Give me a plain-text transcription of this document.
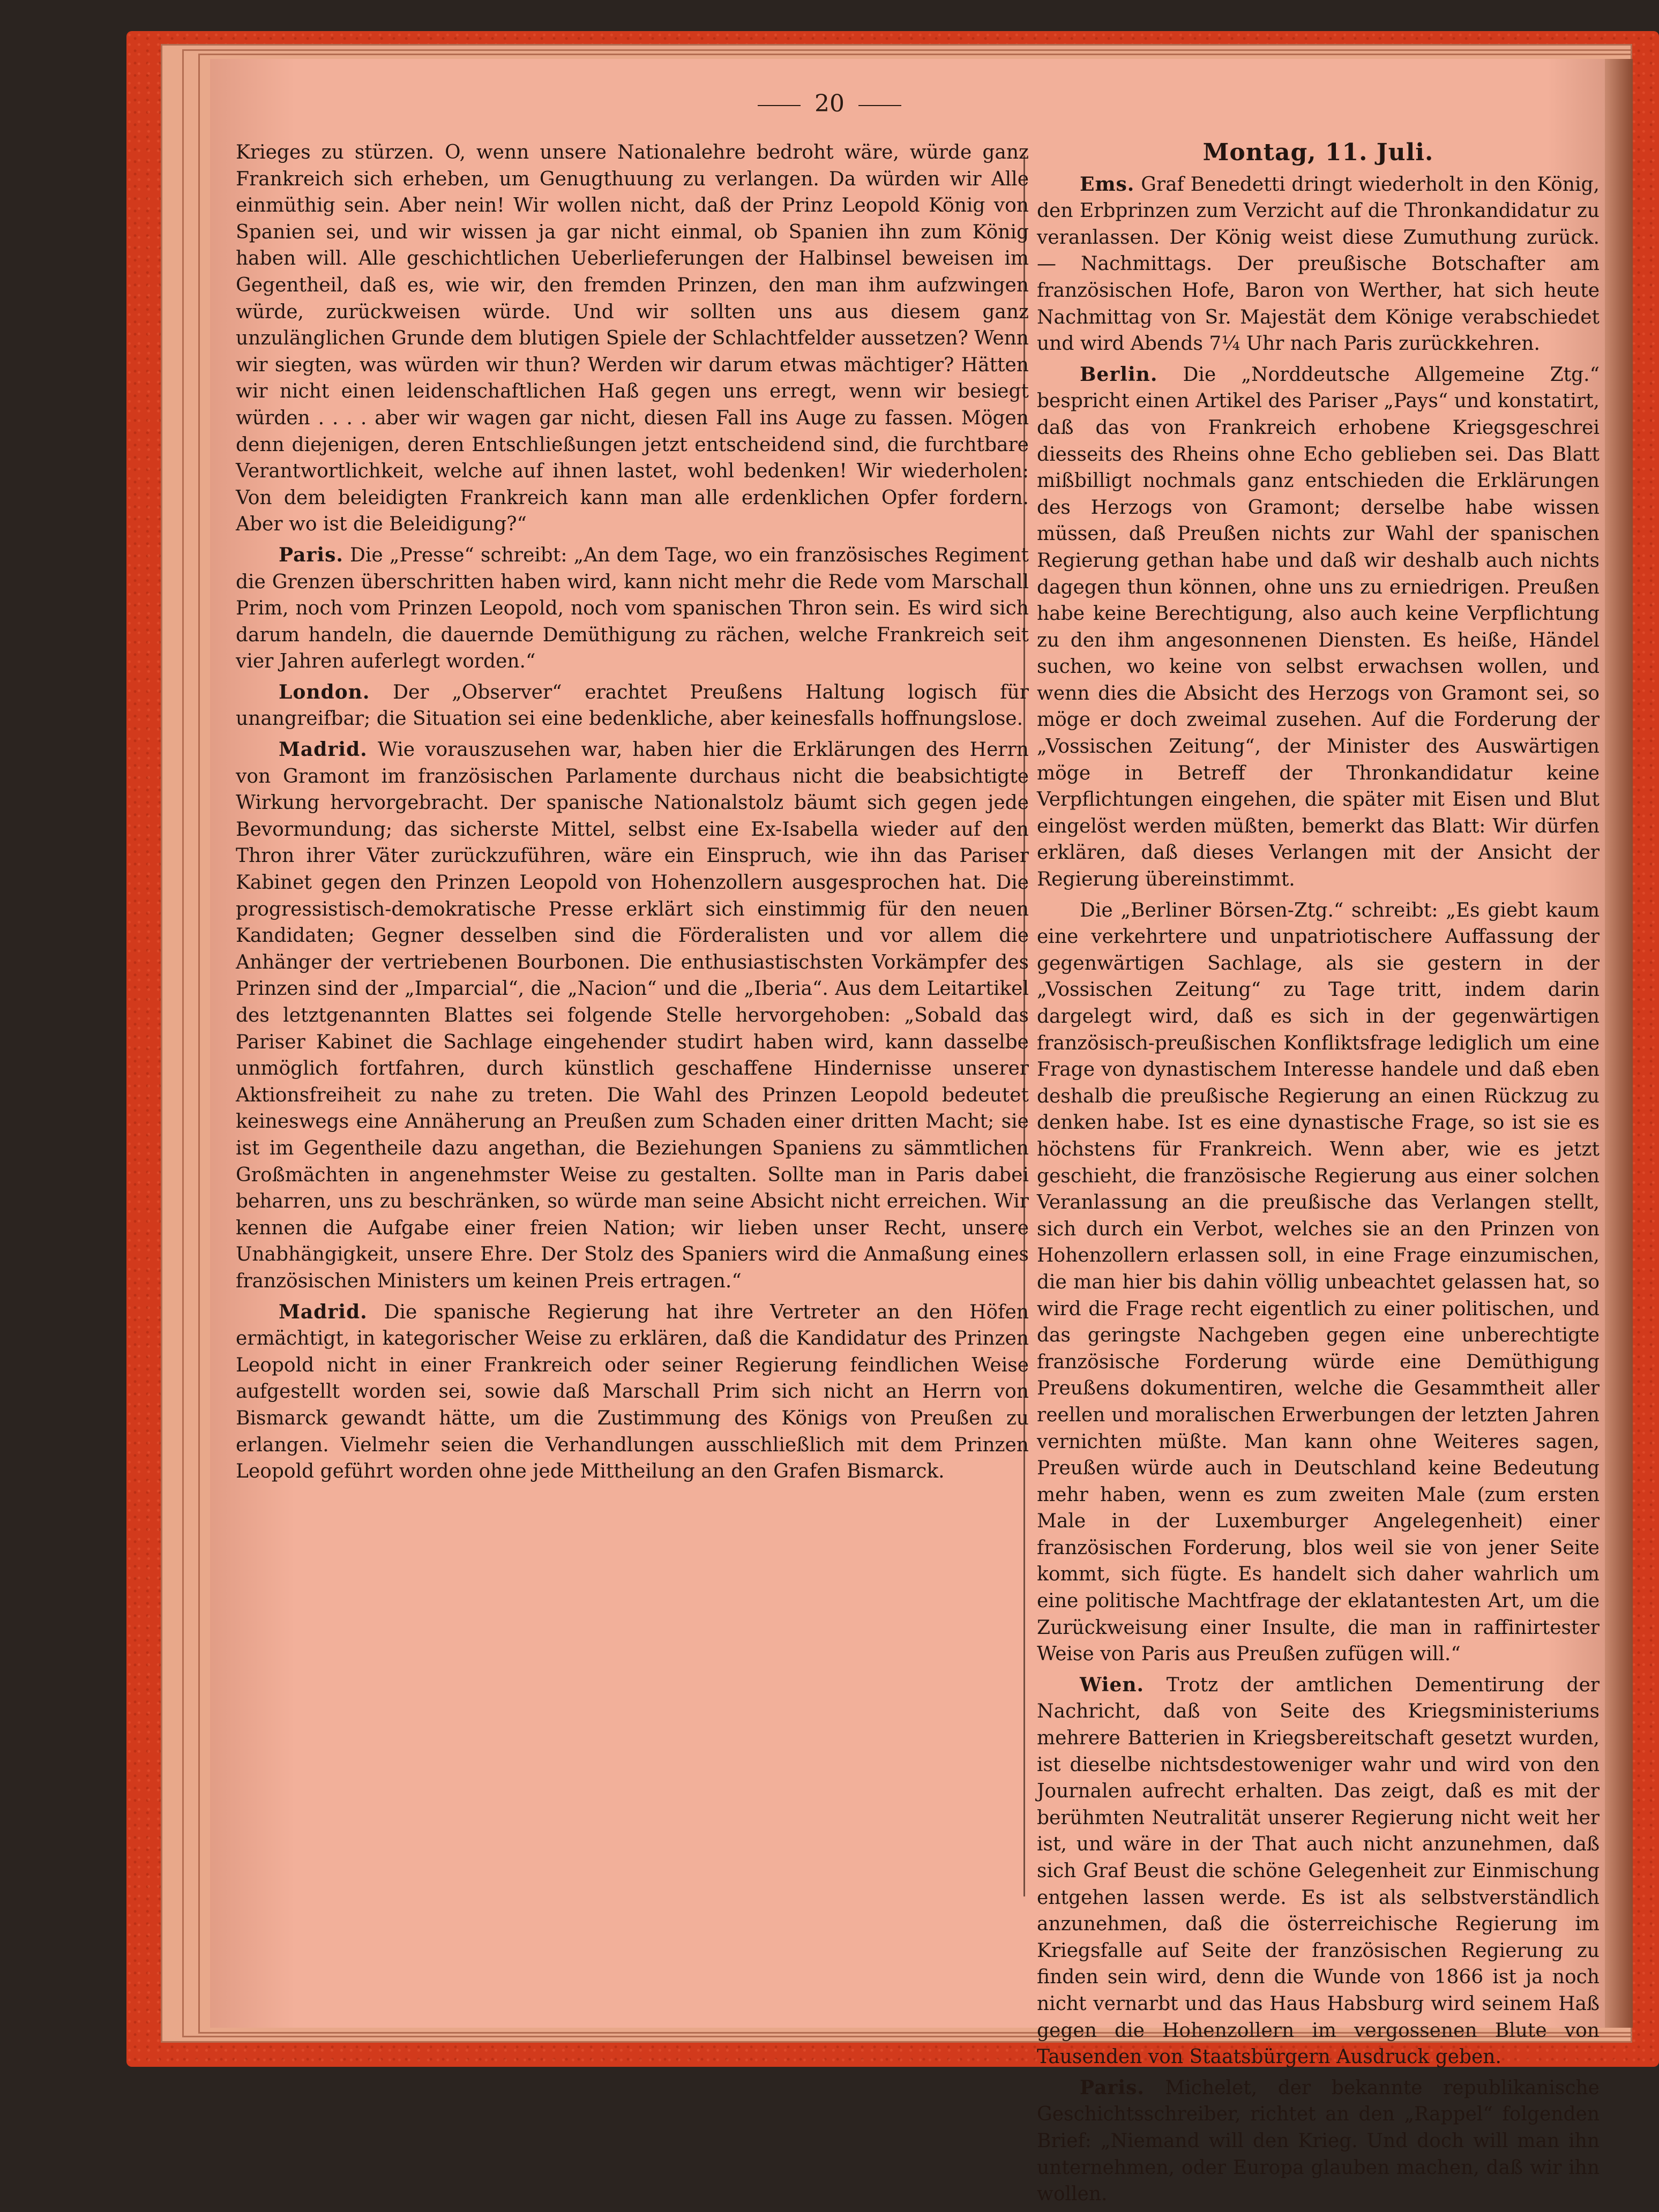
20

Krieges zu stürzen. O, wenn unsere Nationalehre bedroht wäre, würde ganz Frankreich sich erheben, um Genugthuung zu verlangen. Da würden wir Alle einmüthig sein. Aber nein! Wir wollen nicht, daß der Prinz Leopold König von Spanien sei, und wir wissen ja gar nicht einmal, ob Spanien ihn zum König haben will. Alle geschichtlichen Ueberlieferungen der Halbinsel beweisen im Gegentheil, daß es, wie wir, den fremden Prinzen, den man ihm aufzwingen würde, zurückweisen würde. Und wir sollten uns aus diesem ganz unzulänglichen Grunde dem blutigen Spiele der Schlachtfelder aussetzen? Wenn wir siegten, was würden wir thun? Werden wir darum etwas mächtiger? Hätten wir nicht einen leidenschaftlichen Haß gegen uns erregt, wenn wir besiegt würden . . . . aber wir wagen gar nicht, diesen Fall ins Auge zu fassen. Mögen denn diejenigen, deren Entschließungen jetzt entscheidend sind, die furchtbare Verantwortlichkeit, welche auf ihnen lastet, wohl bedenken! Wir wiederholen: Von dem beleidigten Frankreich kann man alle erdenklichen Opfer fordern. Aber wo ist die Beleidigung?“

Paris. Die „Presse“ schreibt: „An dem Tage, wo ein französisches Regiment die Grenzen überschritten haben wird, kann nicht mehr die Rede vom Marschall Prim, noch vom Prinzen Leopold, noch vom spanischen Thron sein. Es wird sich darum handeln, die dauernde Demüthigung zu rächen, welche Frankreich seit vier Jahren auferlegt worden.“

London. Der „Observer“ erachtet Preußens Haltung logisch für unangreifbar; die Situation sei eine bedenkliche, aber keinesfalls hoffnungslose.

Madrid. Wie vorauszusehen war, haben hier die Erklärungen des Herrn von Gramont im französischen Parlamente durchaus nicht die beabsichtigte Wirkung hervorgebracht. Der spanische Nationalstolz bäumt sich gegen jede Bevormundung; das sicherste Mittel, selbst eine Ex-Isabella wieder auf den Thron ihrer Väter zurückzuführen, wäre ein Einspruch, wie ihn das Pariser Kabinet gegen den Prinzen Leopold von Hohenzollern ausgesprochen hat. Die progressistisch-demokratische Presse erklärt sich einstimmig für den neuen Kandidaten; Gegner desselben sind die Förderalisten und vor allem die Anhänger der vertriebenen Bourbonen. Die enthusiastischsten Vorkämpfer des Prinzen sind der „Imparcial“, die „Nacion“ und die „Iberia“. Aus dem Leitartikel des letztgenannten Blattes sei folgende Stelle hervorgehoben: „Sobald das Pariser Kabinet die Sachlage eingehender studirt haben wird, kann dasselbe unmöglich fortfahren, durch künstlich geschaffene Hindernisse unserer Aktionsfreiheit zu nahe zu treten. Die Wahl des Prinzen Leopold bedeutet keineswegs eine Annäherung an Preußen zum Schaden einer dritten Macht; sie ist im Gegentheile dazu angethan, die Beziehungen Spaniens zu sämmtlichen Großmächten in angenehmster Weise zu gestalten. Sollte man in Paris dabei beharren, uns zu beschränken, so würde man seine Absicht nicht erreichen. Wir kennen die Aufgabe einer freien Nation; wir lieben unser Recht, unsere Unabhängigkeit, unsere Ehre. Der Stolz des Spaniers wird die Anmaßung eines französischen Ministers um keinen Preis ertragen.“

Madrid. Die spanische Regierung hat ihre Vertreter an den Höfen ermächtigt, in kategorischer Weise zu erklären, daß die Kandidatur des Prinzen Leopold nicht in einer Frankreich oder seiner Regierung feindlichen Weise aufgestellt worden sei, sowie daß Marschall Prim sich nicht an Herrn von Bismarck gewandt hätte, um die Zustimmung des Königs von Preußen zu erlangen. Vielmehr seien die Verhandlungen ausschließlich mit dem Prinzen Leopold geführt worden ohne jede Mittheilung an den Grafen Bismarck.

Montag, 11. Juli.

Ems. Graf Benedetti dringt wiederholt in den König, den Erbprinzen zum Verzicht auf die Thronkandidatur zu veranlassen. Der König weist diese Zumuthung zurück. — Nachmittags. Der preußische Botschafter am französischen Hofe, Baron von Werther, hat sich heute Nachmittag von Sr. Majestät dem Könige verabschiedet und wird Abends 7¼ Uhr nach Paris zurückkehren.

Berlin. Die „Norddeutsche Allgemeine Ztg.“ bespricht einen Artikel des Pariser „Pays“ und konstatirt, daß das von Frankreich erhobene Kriegsgeschrei diesseits des Rheins ohne Echo geblieben sei. Das Blatt mißbilligt nochmals ganz entschieden die Erklärungen des Herzogs von Gramont; derselbe habe wissen müssen, daß Preußen nichts zur Wahl der spanischen Regierung gethan habe und daß wir deshalb auch nichts dagegen thun können, ohne uns zu erniedrigen. Preußen habe keine Berechtigung, also auch keine Verpflichtung zu den ihm angesonnenen Diensten. Es heiße, Händel suchen, wo keine von selbst erwachsen wollen, und wenn dies die Absicht des Herzogs von Gramont sei, so möge er doch zweimal zusehen. Auf die Forderung der „Vossischen Zeitung“, der Minister des Auswärtigen möge in Betreff der Thronkandidatur keine Verpflichtungen eingehen, die später mit Eisen und Blut eingelöst werden müßten, bemerkt das Blatt: Wir dürfen erklären, daß dieses Verlangen mit der Ansicht der Regierung übereinstimmt.

Die „Berliner Börsen-Ztg.“ schreibt: „Es giebt kaum eine verkehrtere und unpatriotischere Auffassung der gegenwärtigen Sachlage, als sie gestern in der „Vossischen Zeitung“ zu Tage tritt, indem darin dargelegt wird, daß es sich in der gegenwärtigen französisch-preußischen Konfliktsfrage lediglich um eine Frage von dynastischem Interesse handele und daß eben deshalb die preußische Regierung an einen Rückzug zu denken habe. Ist es eine dynastische Frage, so ist sie es höchstens für Frankreich. Wenn aber, wie es jetzt geschieht, die französische Regierung aus einer solchen Veranlassung an die preußische das Verlangen stellt, sich durch ein Verbot, welches sie an den Prinzen von Hohenzollern erlassen soll, in eine Frage einzumischen, die man hier bis dahin völlig unbeachtet gelassen hat, so wird die Frage recht eigentlich zu einer politischen, und das geringste Nachgeben gegen eine unberechtigte französische Forderung würde eine Demüthigung Preußens dokumentiren, welche die Gesammtheit aller reellen und moralischen Erwerbungen der letzten Jahren vernichten müßte. Man kann ohne Weiteres sagen, Preußen würde auch in Deutschland keine Bedeutung mehr haben, wenn es zum zweiten Male (zum ersten Male in der Luxemburger Angelegenheit) einer französischen Forderung, blos weil sie von jener Seite kommt, sich fügte. Es handelt sich daher wahrlich um eine politische Machtfrage der eklatantesten Art, um die Zurückweisung einer Insulte, die man in raffinirtester Weise von Paris aus Preußen zufügen will.“

Wien. Trotz der amtlichen Dementirung der Nachricht, daß von Seite des Kriegsministeriums mehrere Batterien in Kriegsbereitschaft gesetzt wurden, ist dieselbe nichtsdestoweniger wahr und wird von den Journalen aufrecht erhalten. Das zeigt, daß es mit der berühmten Neutralität unserer Regierung nicht weit her ist, und wäre in der That auch nicht anzunehmen, daß sich Graf Beust die schöne Gelegenheit zur Einmischung entgehen lassen werde. Es ist als selbstverständlich anzunehmen, daß die österreichische Regierung im Kriegsfalle auf Seite der französischen Regierung zu finden sein wird, denn die Wunde von 1866 ist ja noch nicht vernarbt und das Haus Habsburg wird seinem Haß gegen die Hohenzollern im vergossenen Blute von Tausenden von Staatsbürgern Ausdruck geben.

Paris. Michelet, der bekannte republikanische Geschichtsschreiber, richtet an den „Rappel“ folgenden Brief: „Niemand will den Krieg. Und doch will man ihn unternehmen, oder Europa glauben machen, daß wir ihn wollen.
